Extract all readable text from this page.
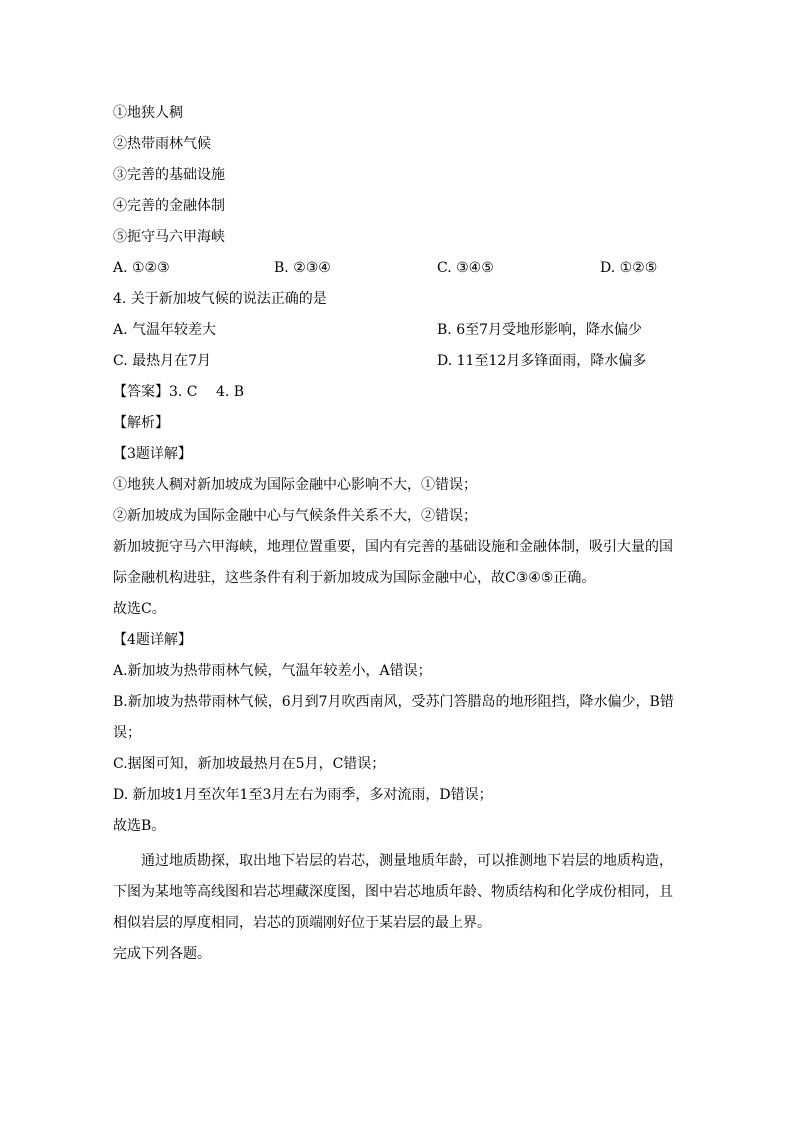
①地狭人稠
②热带雨林气候
③完善的基础设施
④完善的金融体制
⑤扼守马六甲海峡
A. ①②③	B. ②③④	C. ③④⑤	D. ①②⑤
4. 关于新加坡气候的说法正确的是
A. 气温年较差大	B. 6至7月受地形影响，降水偏少
C. 最热月在7月	D. 11至12月多锋面雨，降水偏多
【答案】3. C　 4. B
【解析】
【3题详解】
①地狭人稠对新加坡成为国际金融中心影响不大，①错误；
②新加坡成为国际金融中心与气候条件关系不大，②错误；
新加坡扼守马六甲海峡，地理位置重要，国内有完善的基础设施和金融体制，吸引大量的国
际金融机构进驻，这些条件有利于新加坡成为国际金融中心，故C③④⑤正确。
故选C。
【4题详解】
A.新加坡为热带雨林气候，气温年较差小，A错误；
B.新加坡为热带雨林气候，6月到7月吹西南风，受苏门答腊岛的地形阻挡，降水偏少，B错
误；
C.据图可知，新加坡最热月在5月，C错误；
D. 新加坡1月至次年1至3月左右为雨季，多对流雨，D错误；
故选B。
通过地质勘探，取出地下岩层的岩芯，测量地质年龄，可以推测地下岩层的地质构造，
下图为某地等高线图和岩芯埋藏深度图，图中岩芯地质年龄、物质结构和化学成份相同，且
相似岩层的厚度相同，岩芯的顶端刚好位于某岩层的最上界。
完成下列各题。
